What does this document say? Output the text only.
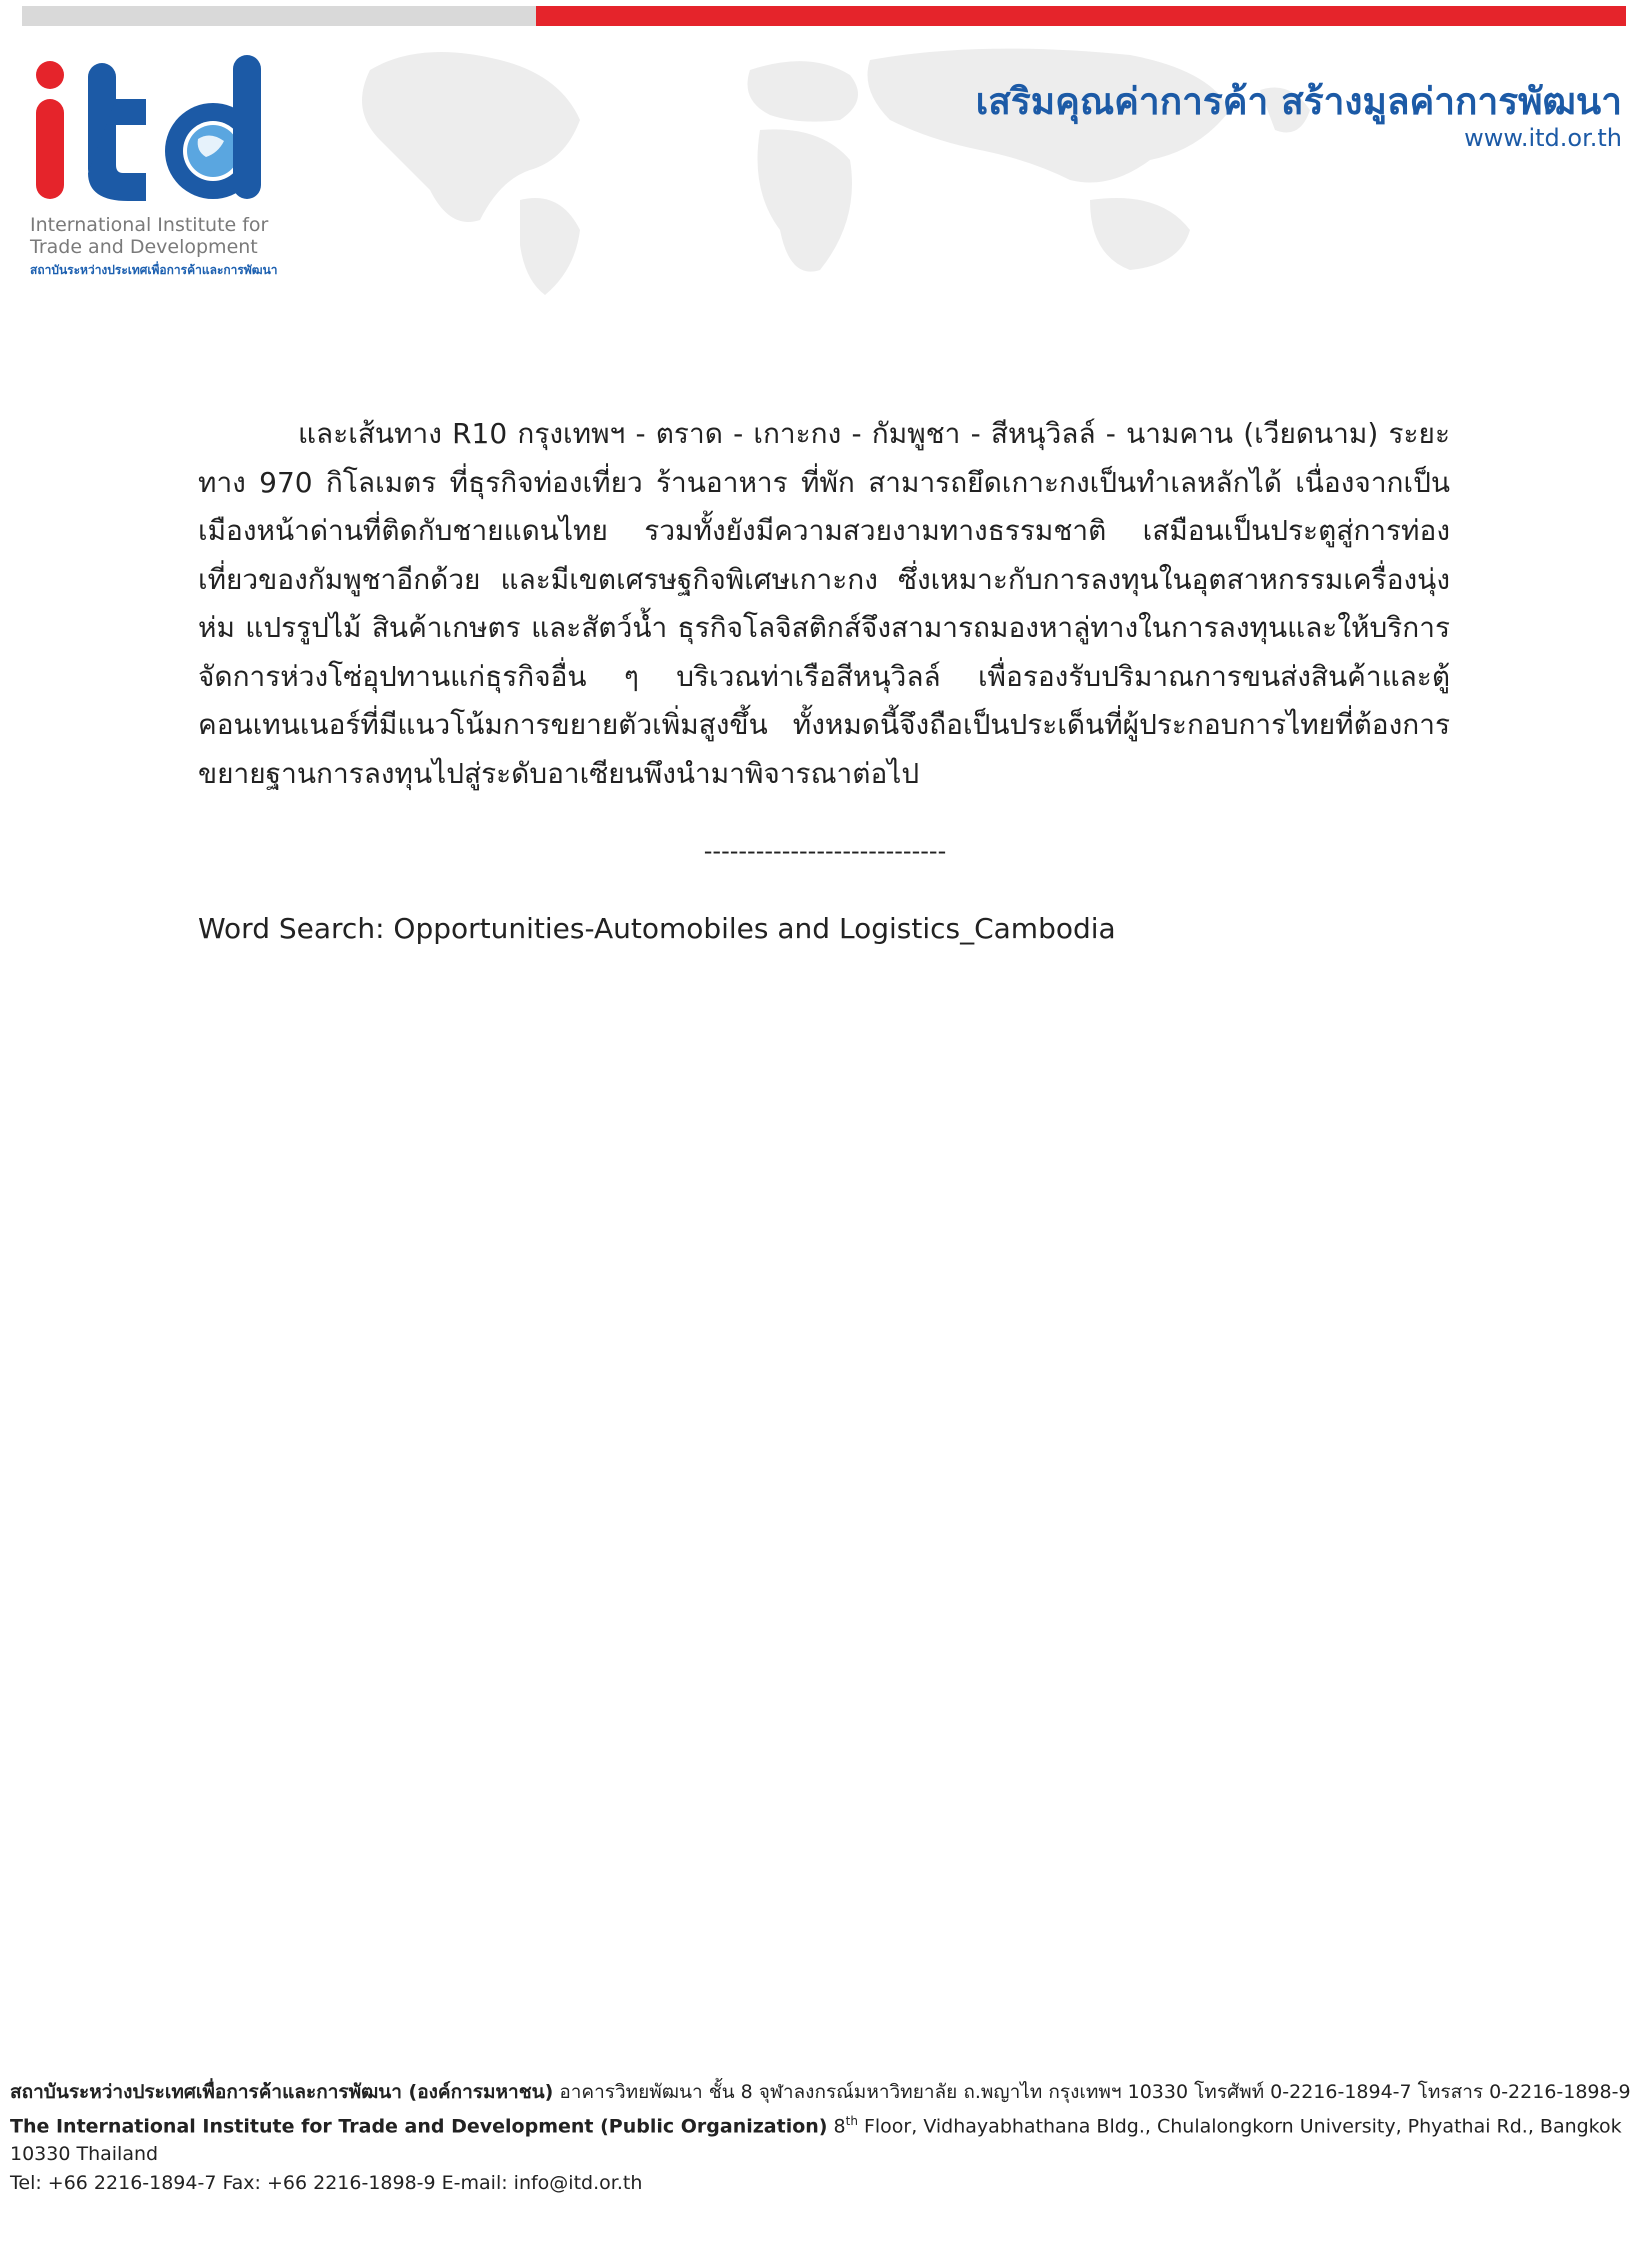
International Institute for
Trade and Development
สถาบันระหว่างประเทศเพื่อการค้าและการพัฒนา
เสริมคุณค่าการค้า สร้างมูลค่าการพัฒนา
www.itd.or.th
และเส้นทาง R10 กรุงเทพฯ - ตราด - เกาะกง - กัมพูชา - สีหนุวิลล์ - นามคาน (เวียดนาม) ระยะทาง 970 กิโลเมตร ที่ธุรกิจท่องเที่ยว ร้านอาหาร ที่พัก สามารถยึดเกาะกงเป็นทำเลหลักได้ เนื่องจากเป็นเมืองหน้าด่านที่ติดกับชายแดนไทย รวมทั้งยังมีความสวยงามทางธรรมชาติ เสมือนเป็นประตูสู่การท่องเที่ยวของกัมพูชาอีกด้วย และมีเขตเศรษฐกิจพิเศษเกาะกง ซึ่งเหมาะกับการลงทุนในอุตสาหกรรมเครื่องนุ่งห่ม แปรรูปไม้ สินค้าเกษตร และสัตว์น้ำ ธุรกิจโลจิสติกส์จึงสามารถมองหาลู่ทางในการลงทุนและให้บริการจัดการห่วงโซ่อุปทานแก่ธุรกิจอื่น ๆ บริเวณท่าเรือสีหนุวิลล์ เพื่อรองรับปริมาณการขนส่งสินค้าและตู้คอนเทนเนอร์ที่มีแนวโน้มการขยายตัวเพิ่มสูงขึ้น ทั้งหมดนี้จึงถือเป็นประเด็นที่ผู้ประกอบการไทยที่ต้องการขยายฐานการลงทุนไปสู่ระดับอาเซียนพึงนำมาพิจารณาต่อไป
----------------------------
Word Search: Opportunities-Automobiles and Logistics_Cambodia
สถาบันระหว่างประเทศเพื่อการค้าและการพัฒนา (องค์การมหาชน) อาคารวิทยพัฒนา ชั้น 8 จุฬาลงกรณ์มหาวิทยาลัย ถ.พญาไท กรุงเทพฯ 10330 โทรศัพท์ 0-2216-1894-7 โทรสาร 0-2216-1898-9
The International Institute for Trade and Development (Public Organization) 8th Floor, Vidhayabhathana Bldg., Chulalongkorn University, Phyathai Rd., Bangkok 10330 Thailand
Tel: +66 2216-1894-7 Fax: +66 2216-1898-9 E-mail: info@itd.or.th
